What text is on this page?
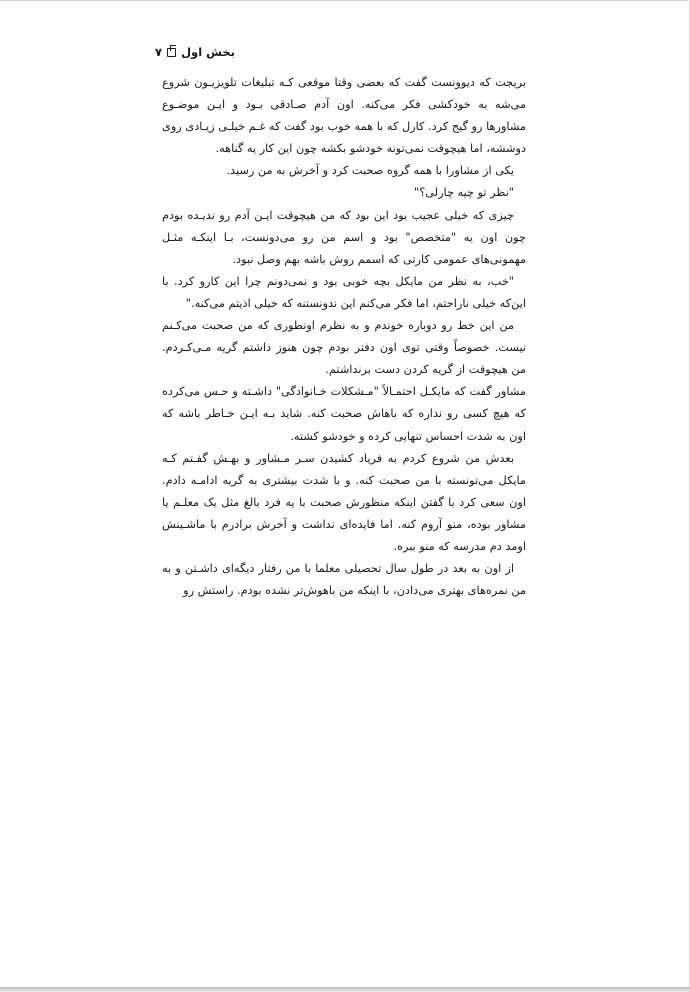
بخش اول۷

بریجت که دیوونست گفت که بعضی وقتا موقعی کـه تبلیغات تلویزیـون شروع می‌شه به خودکشی فکر می‌کنه. اون آدم صـادقی بـود و ایـن موضـوع مشاورها رو گیج کرد. کارل که با همه خوب بود گفت که غـم خیلـی زیـادی روی دوششه، اما هیچوقت نمی‌تونه خودشو بکشه چون این کار یه گناهه.

یکی از مشاورا با همه گروه صحبت کرد و آخرش به من رسید.

"نظر تو چیه چارلی؟"

چیزی که خیلی عجیب بود این بود که من هیچوقت ایـن آدم رو ندیـده بودم چون اون یه "متخصص" بود و اسم من رو می‌دونست، بـا اینکـه مثـل مهمونی‌های عمومی کارتی که اسمم روش باشه بهم وصل نبود.

"خب، به نظر من مایکل بچه خوبی بود و نمی‌دونم چرا این کارو کرد. با این‌که خیلی ناراحتم، اما فکر می‌کنم این ندونستنه که خیلی اذیتم می‌کنه."

من این خط رو دوباره خوندم و به نظرم اونطوری که من صحبت می‌کـنم نیست. خصوصاً وقتی توی اون دفتر بودم چون هنوز داشتم گریه مـی‌کـردم. من هیچوقت از گریه کردن دست برنداشتم.

مشاور گفت که مایکـل احتمـالاً "مـشکلات خـانوادگی" داشـته و حـس می‌کرده که هیچ کسی رو نداره که باهاش صحبت کنه. شاید بـه ایـن خـاطر باشه که اون به شدت احساس تنهایی کرده و خودشو کشته.

بعدش من شروع کردم به فریاد کشیدن سـر مـشاور و بهـش گفـتم کـه مایکل می‌تونسته با من صحبت کنه. و با شدت بیشتری به گریه ادامـه دادم. اون سعی کرد با گفتن اینکه منظورش صحبت با یه فرد بالغ مثل یک معلـم یا مشاور بوده، منو آروم کنه. اما فایده‌ای نداشت و آخرش برادرم با ماشـینش اومد دم مدرسه که منو ببره.

از اون به بعد در طول سال تحصیلی معلما با من رفتار دیگه‌ای داشـتن و به من نمره‌های بهتری می‌دادن، با اینکه من باهوش‌تر نشده بودم. راستش رو
